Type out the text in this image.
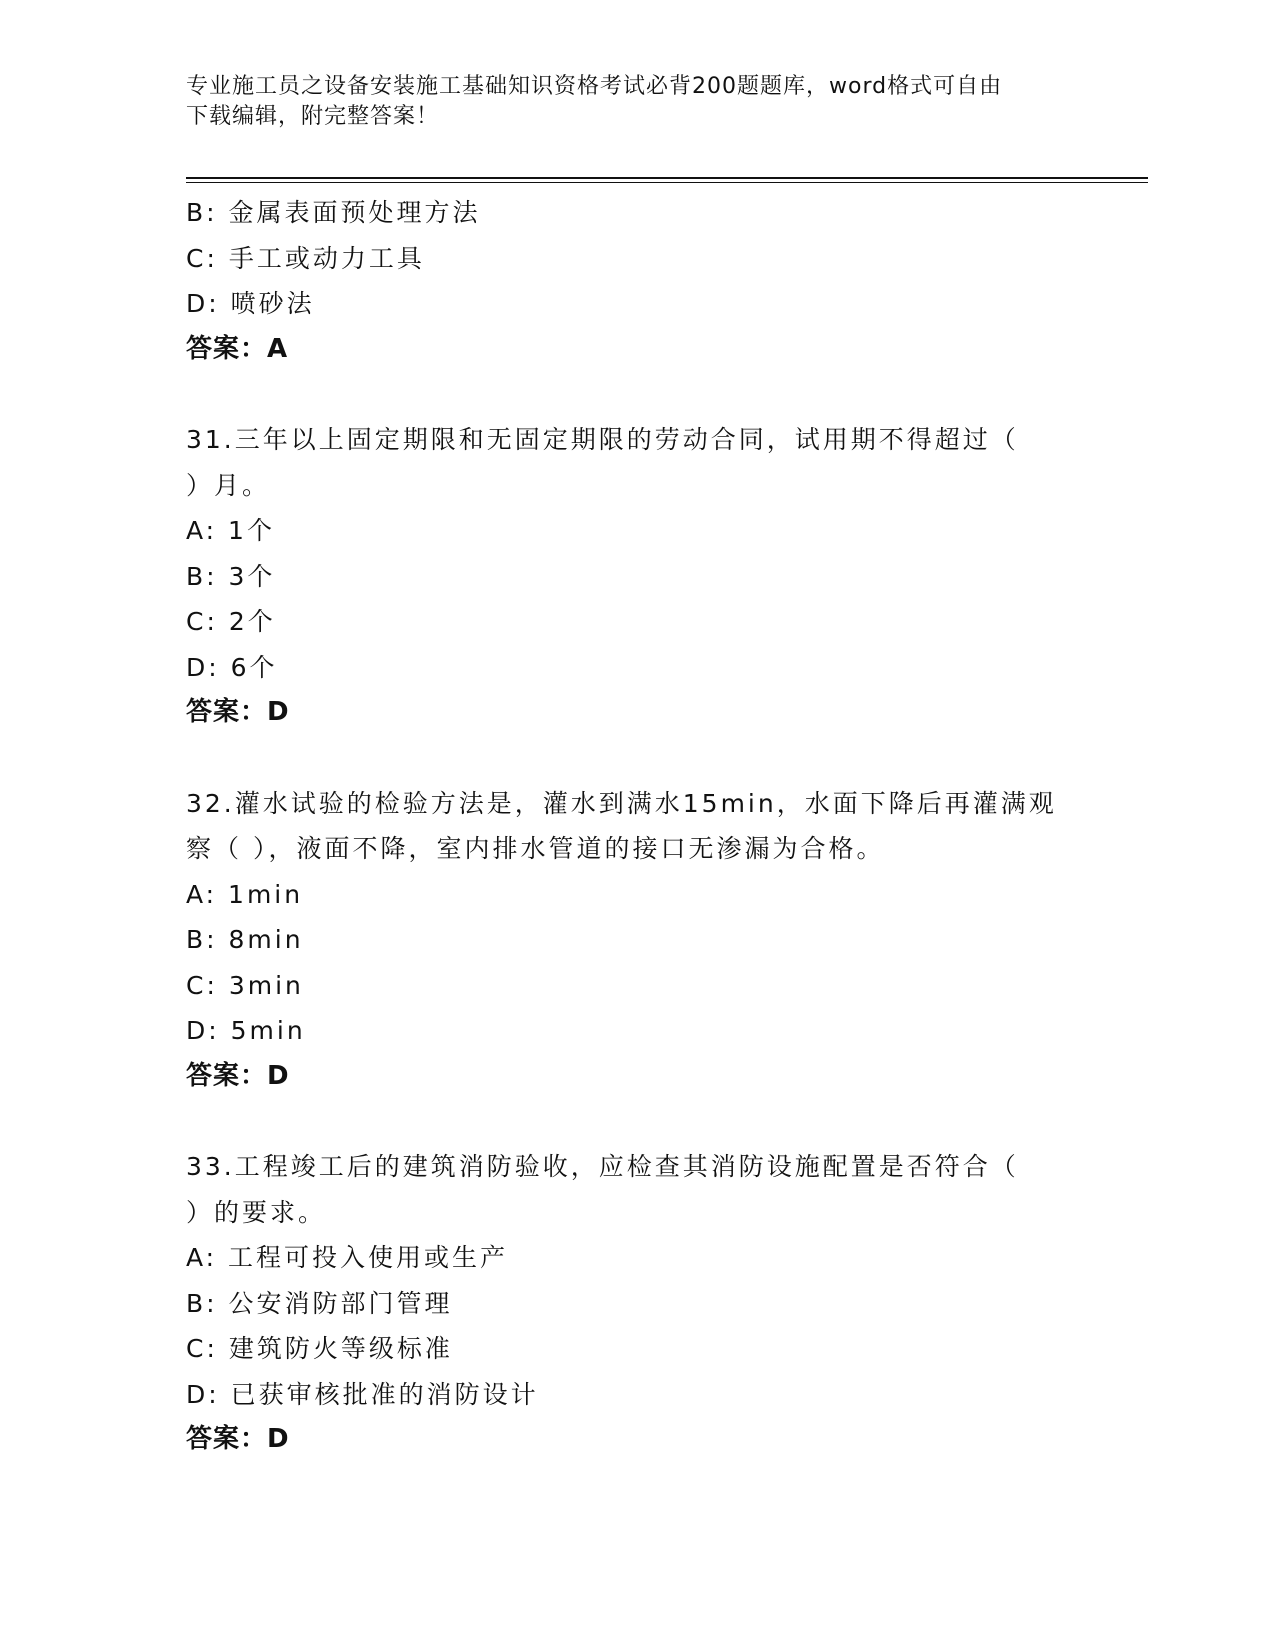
专业施工员之设备安装施工基础知识资格考试必背200题题库，word格式可自由
下载编辑，附完整答案！
B: 金属表面预处理方法
C: 手工或动力工具
D: 喷砂法
答案：A
31.三年以上固定期限和无固定期限的劳动合同，试用期不得超过（
）月。
A: 1个
B: 3个
C: 2个
D: 6个
答案：D
32.灌水试验的检验方法是，灌水到满水15min，水面下降后再灌满观
察（ ），液面不降，室内排水管道的接口无渗漏为合格。
A: 1min
B: 8min
C: 3min
D: 5min
答案：D
33.工程竣工后的建筑消防验收，应检查其消防设施配置是否符合（
）的要求。
A: 工程可投入使用或生产
B: 公安消防部门管理
C: 建筑防火等级标准
D: 已获审核批准的消防设计
答案：D
